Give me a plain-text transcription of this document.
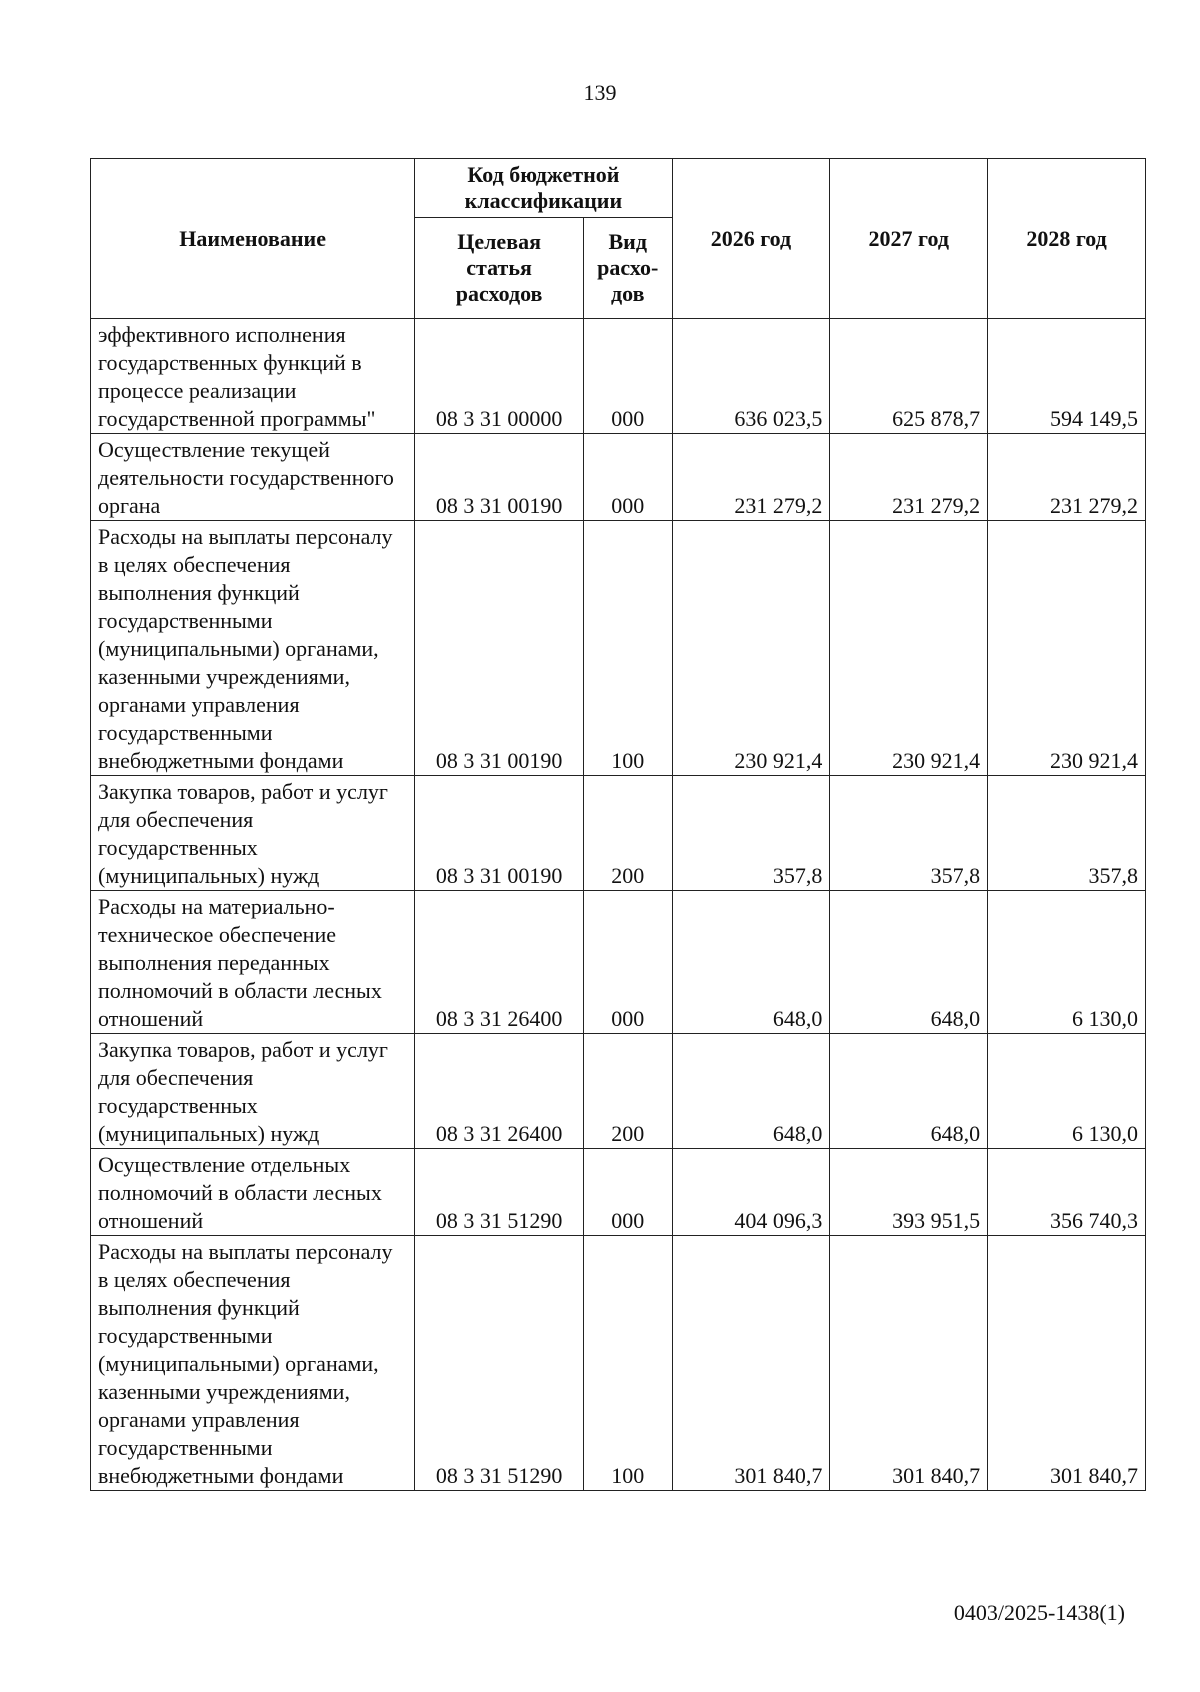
139
Наименование	Код бюджетной классификации		2026 год	2027 год	2028 год
	Целевая статья расходов	Вид расхо-дов			
эффективного исполнения государственных функций в процессе реализации государственной программы"	08 3 31 00000	000	636 023,5	625 878,7	594 149,5
Осуществление текущей деятельности государственного органа	08 3 31 00190	000	231 279,2	231 279,2	231 279,2
Расходы на выплаты персоналу в целях обеспечения выполнения функций государственными (муниципальными) органами, казенными учреждениями, органами управления государственными внебюджетными фондами	08 3 31 00190	100	230 921,4	230 921,4	230 921,4
Закупка товаров, работ и услуг для обеспечения государственных (муниципальных) нужд	08 3 31 00190	200	357,8	357,8	357,8
Расходы на материально-техническое обеспечение выполнения переданных полномочий в области лесных отношений	08 3 31 26400	000	648,0	648,0	6 130,0
Закупка товаров, работ и услуг для обеспечения государственных (муниципальных) нужд	08 3 31 26400	200	648,0	648,0	6 130,0
Осуществление отдельных полномочий в области лесных отношений	08 3 31 51290	000	404 096,3	393 951,5	356 740,3
Расходы на выплаты персоналу в целях обеспечения выполнения функций государственными (муниципальными) органами, казенными учреждениями, органами управления государственными внебюджетными фондами	08 3 31 51290	100	301 840,7	301 840,7	301 840,7
0403/2025-1438(1)
